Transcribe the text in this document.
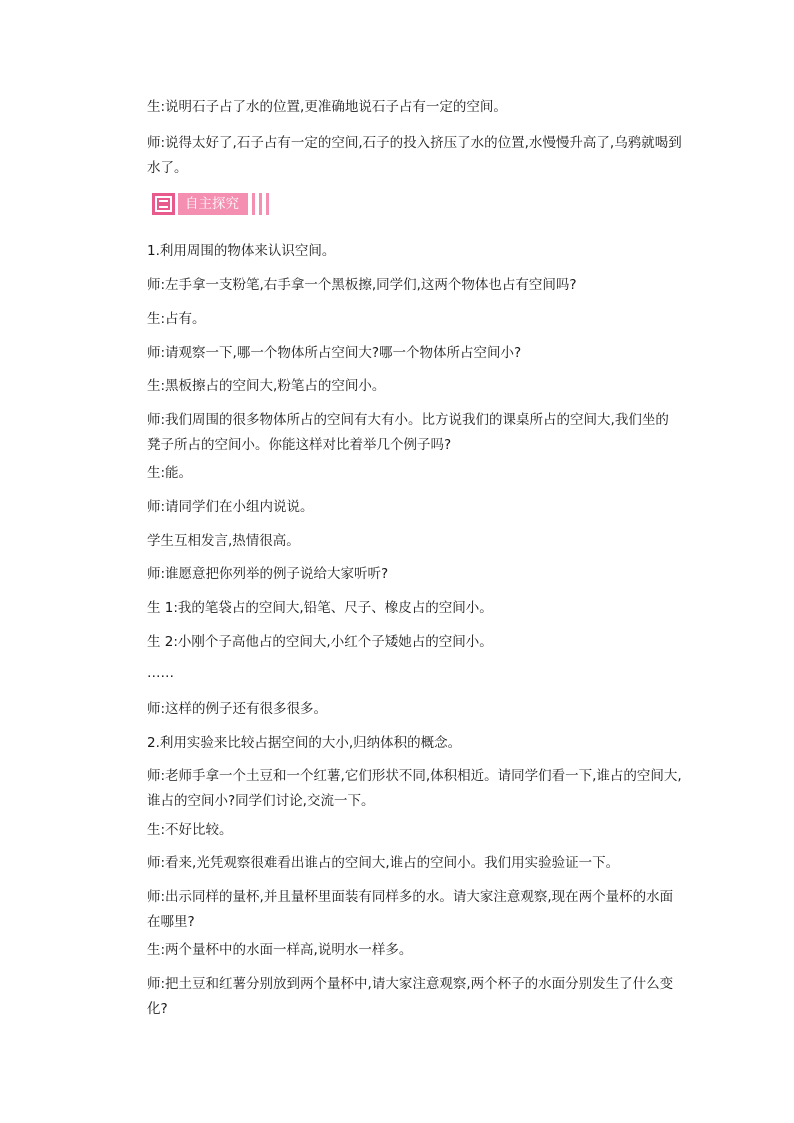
生:说明石子占了水的位置,更准确地说石子占有一定的空间。

师:说得太好了,石子占有一定的空间,石子的投入挤压了水的位置,水慢慢升高了,乌鸦就喝到水了。

自主探究

1.利用周围的物体来认识空间。

师:左手拿一支粉笔,右手拿一个黑板擦,同学们,这两个物体也占有空间吗?

生:占有。

师:请观察一下,哪一个物体所占空间大?哪一个物体所占空间小?

生:黑板擦占的空间大,粉笔占的空间小。

师:我们周围的很多物体所占的空间有大有小。比方说我们的课桌所占的空间大,我们坐的凳子所占的空间小。你能这样对比着举几个例子吗?

生:能。

师:请同学们在小组内说说。

学生互相发言,热情很高。

师:谁愿意把你列举的例子说给大家听听?

生 1:我的笔袋占的空间大,铅笔、尺子、橡皮占的空间小。

生 2:小刚个子高他占的空间大,小红个子矮她占的空间小。

……

师:这样的例子还有很多很多。

2.利用实验来比较占据空间的大小,归纳体积的概念。

师:老师手拿一个土豆和一个红薯,它们形状不同,体积相近。请同学们看一下,谁占的空间大,谁占的空间小?同学们讨论,交流一下。

生:不好比较。

师:看来,光凭观察很难看出谁占的空间大,谁占的空间小。我们用实验验证一下。

师:出示同样的量杯,并且量杯里面装有同样多的水。请大家注意观察,现在两个量杯的水面在哪里?

生:两个量杯中的水面一样高,说明水一样多。

师:把土豆和红薯分别放到两个量杯中,请大家注意观察,两个杯子的水面分别发生了什么变化?
